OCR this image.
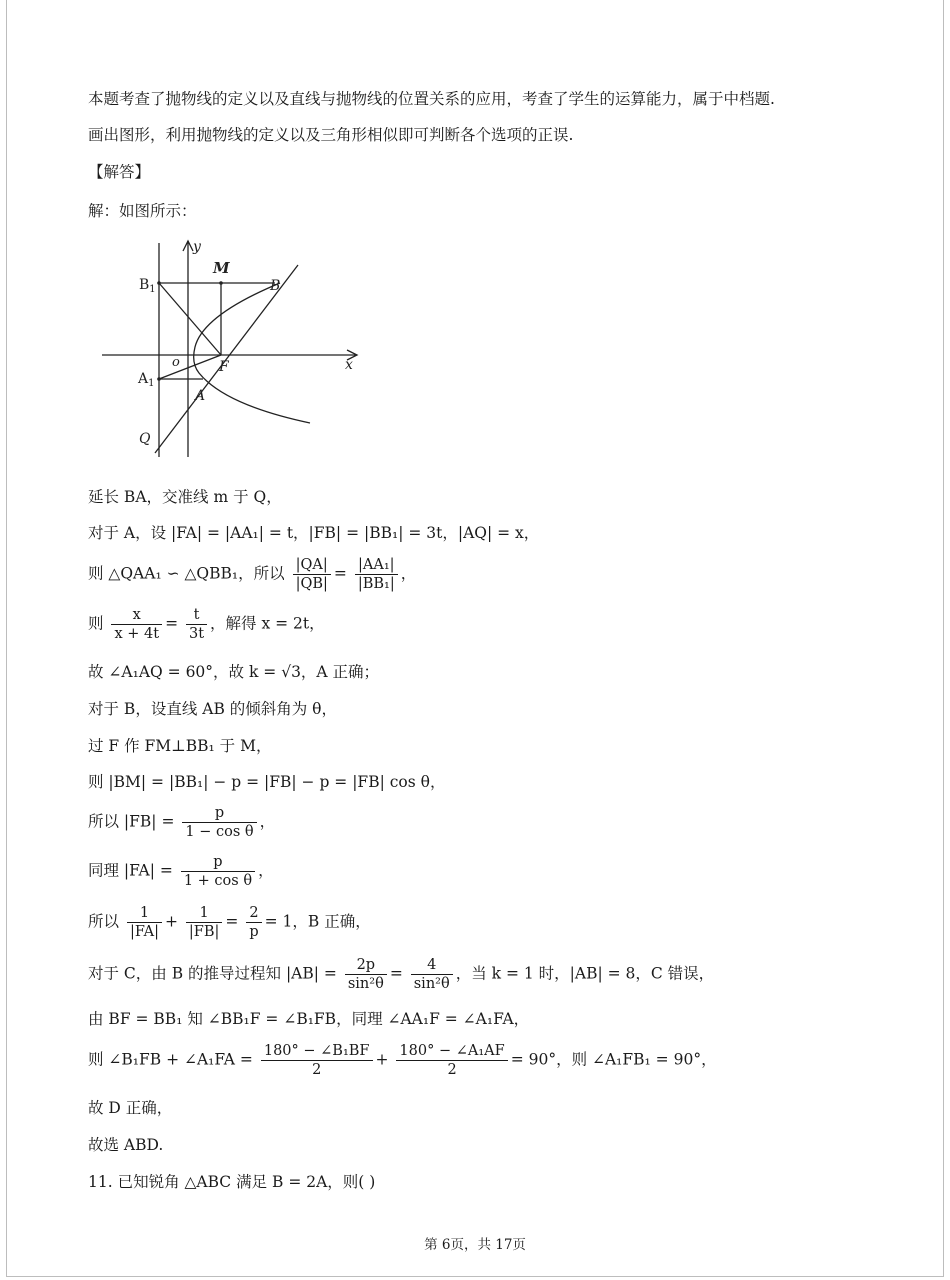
本题考查了抛物线的定义以及直线与抛物线的位置关系的应用，考查了学生的运算能力，属于中档题.
画出图形，利用抛物线的定义以及三角形相似即可判断各个选项的正误.
【解答】
解：如图所示：
y
x
M
$B_1$	B
o	F
$A_1$
A
Q
延长 BA，交准线 m 于 Q，
对于 A，设 |FA| = |AA₁| = t，|FB| = |BB₁| = 3t，|AQ| = x，
则 △QAA₁ ∽ △QBB₁，所以 $\frac{|QA|}{|QB|} = \frac{\text{|AA₁|}}{\text{|BB₁|}}$ ，
则 $\frac{x}{x + 4t} = \frac{t}{3t}$ ，解得 x = 2t，
故 ∠A₁AQ = 60°，故 k = √3，A 正确；
对于 B，设直线 AB 的倾斜角为 θ，
过 F 作 FM⊥BB₁ 于 M，
则 |BM| = |BB₁| − p = |FB| − p = |FB| cos θ，
所以 $|FB| = \frac{p}{\text{1 − cos θ}}$ ，
同理 $|FA| = \frac{p}{\text{1 + cos θ}}$ ，
所以 $\frac{1}{|FA|} + \frac{1}{|FB|} = \frac{2}{p} = 1$，B 正确，
对于 C，由 B 的推导过程知 $|AB| = \frac{2p}{\text{sin²θ}} = \frac{4}{\text{sin²θ}}$ ，当 k = 1 时，|AB| = 8，C 错误，
由 BF = BB₁ 知 ∠BB₁F = ∠B₁FB，同理 ∠AA₁F = ∠A₁FA，
则 ∠B₁FB + ∠A₁FA = $\frac{\text{180° − ∠B₁BF}}{2} + \frac{\text{180° − ∠A₁AF}}{2} = 90^\circ$，则 ∠A₁FB₁ = 90°，
故 D 正确，
故选 ABD.
11. 已知锐角 △ABC 满足 B = 2A，则( )
第 6页，共 17页
